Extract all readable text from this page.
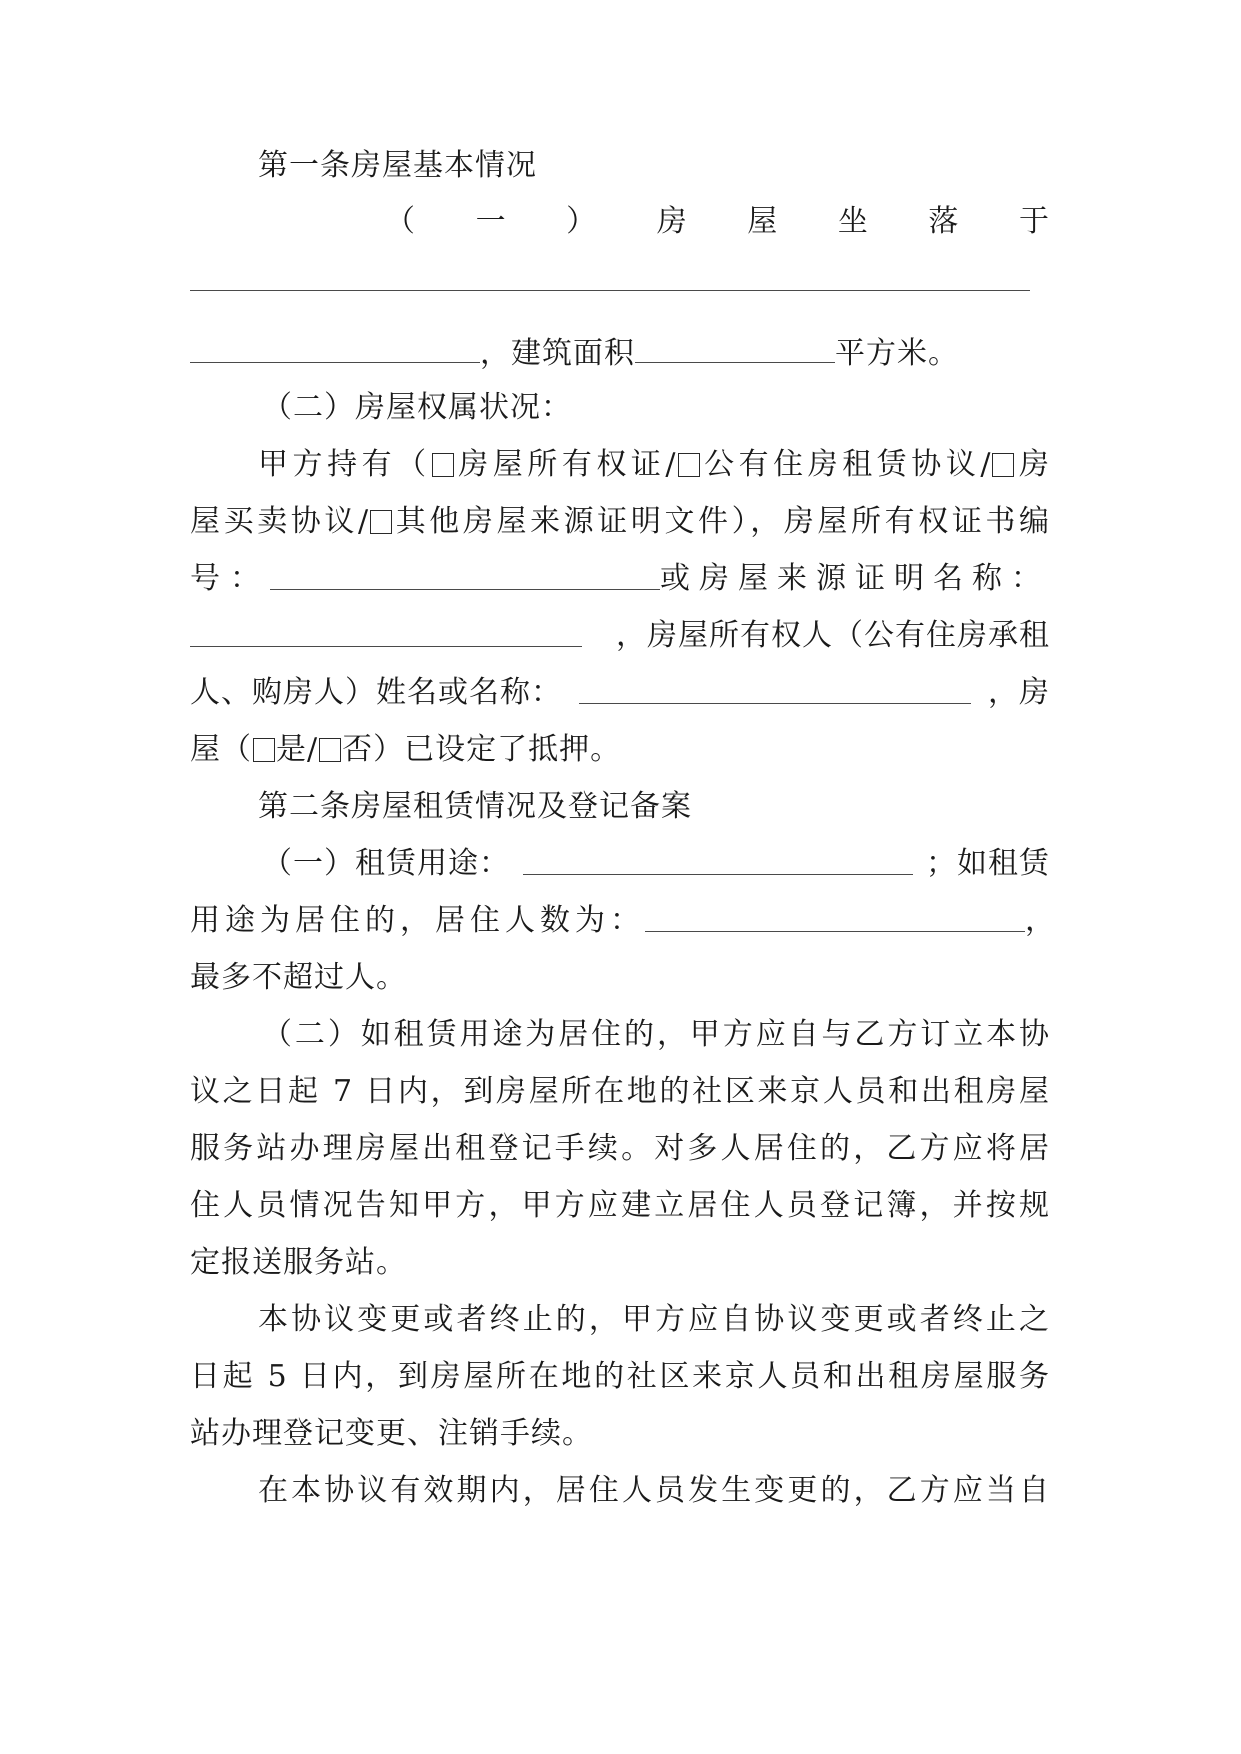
第一条房屋基本情况
（ 一 ） 房 屋 坐 落 于
，建筑面积	平方米。
（二）房屋权属状况：
甲方持有（ 房屋所有权证/ 公有住房租赁协议/ 房
屋买卖协议/ 其他房屋来源证明文件），房屋所有权证书编
号：	或房屋来源证明名称：
，房屋所有权人（公有住房承租
人、购房人）姓名或名称：	，房
屋（ 是/ 否）已设定了抵押。
第二条房屋租赁情况及登记备案
（一）租赁用途：	；如租赁
用途为居住的，居住人数为：	，
最多不超过人。
（二）如租赁用途为居住的，甲方应自与乙方订立本协
议之日起 7 日内，到房屋所在地的社区来京人员和出租房屋
服务站办理房屋出租登记手续。对多人居住的，乙方应将居
住人员情况告知甲方，甲方应建立居住人员登记簿，并按规
定报送服务站。
本协议变更或者终止的，甲方应自协议变更或者终止之
日起 5 日内，到房屋所在地的社区来京人员和出租房屋服务
站办理登记变更、注销手续。
在本协议有效期内，居住人员发生变更的，乙方应当自
